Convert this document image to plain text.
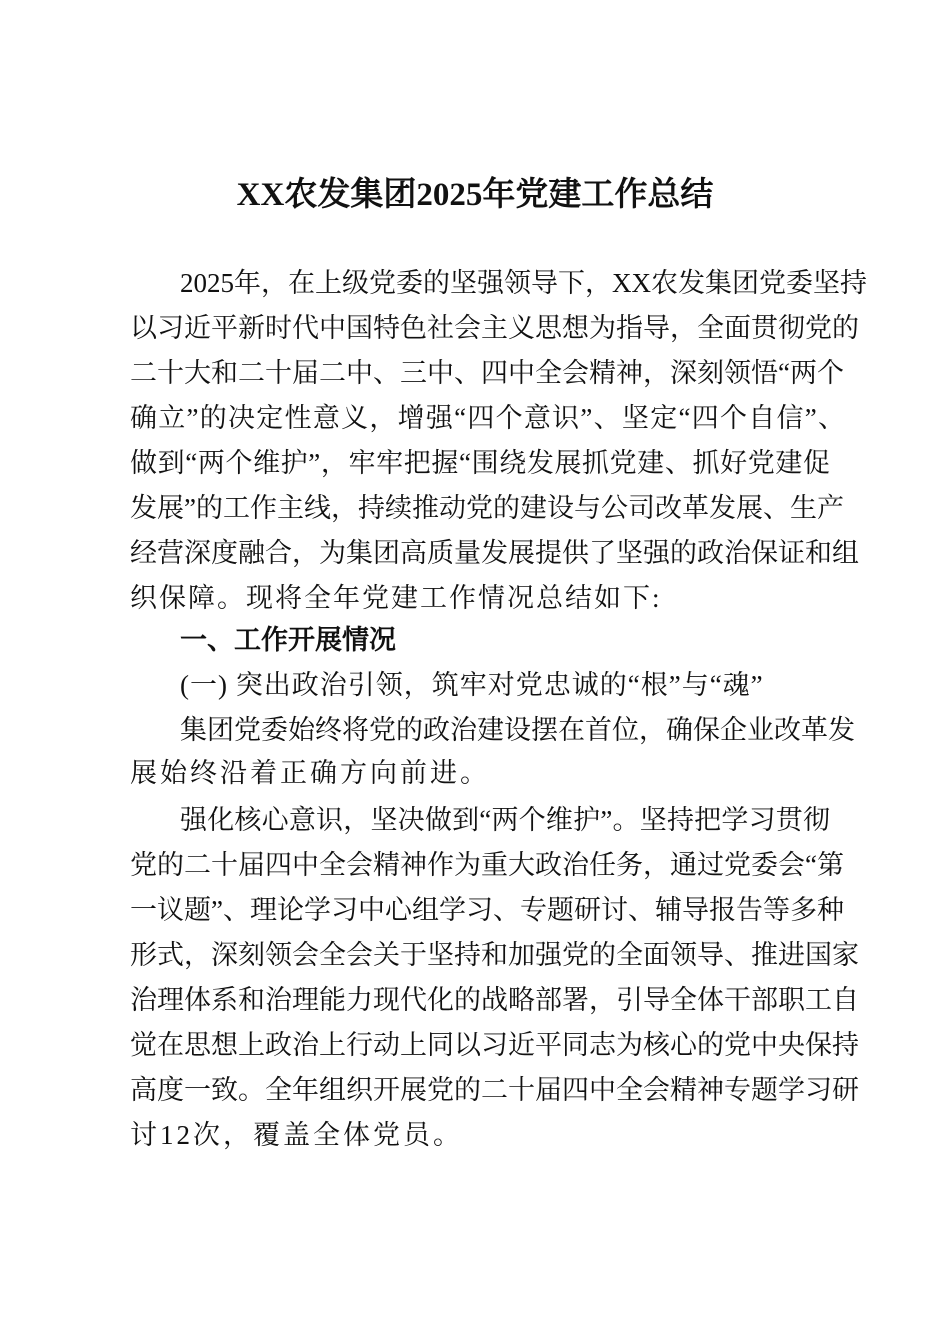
XX农发集团2025年党建工作总结
2025年，在上级党委的坚强领导下，XX农发集团党委坚持
以习近平新时代中国特色社会主义思想为指导，全面贯彻党的
二十大和二十届二中、三中、四中全会精神，深刻领悟“两个
确立”的决定性意义，增强“四个意识”、坚定“四个自信”、
做到“两个维护”，牢牢把握“围绕发展抓党建、抓好党建促
发展”的工作主线，持续推动党的建设与公司改革发展、生产
经营深度融合，为集团高质量发展提供了坚强的政治保证和组
织保障。现将全年党建工作情况总结如下:
一、工作开展情况
(一) 突出政治引领，筑牢对党忠诚的“根”与“魂”
集团党委始终将党的政治建设摆在首位，确保企业改革发
展始终沿着正确方向前进。
强化核心意识，坚决做到“两个维护”。坚持把学习贯彻
党的二十届四中全会精神作为重大政治任务，通过党委会“第
一议题”、理论学习中心组学习、专题研讨、辅导报告等多种
形式，深刻领会全会关于坚持和加强党的全面领导、推进国家
治理体系和治理能力现代化的战略部署，引导全体干部职工自
觉在思想上政治上行动上同以习近平同志为核心的党中央保持
高度一致。全年组织开展党的二十届四中全会精神专题学习研
讨12次，覆盖全体党员。
